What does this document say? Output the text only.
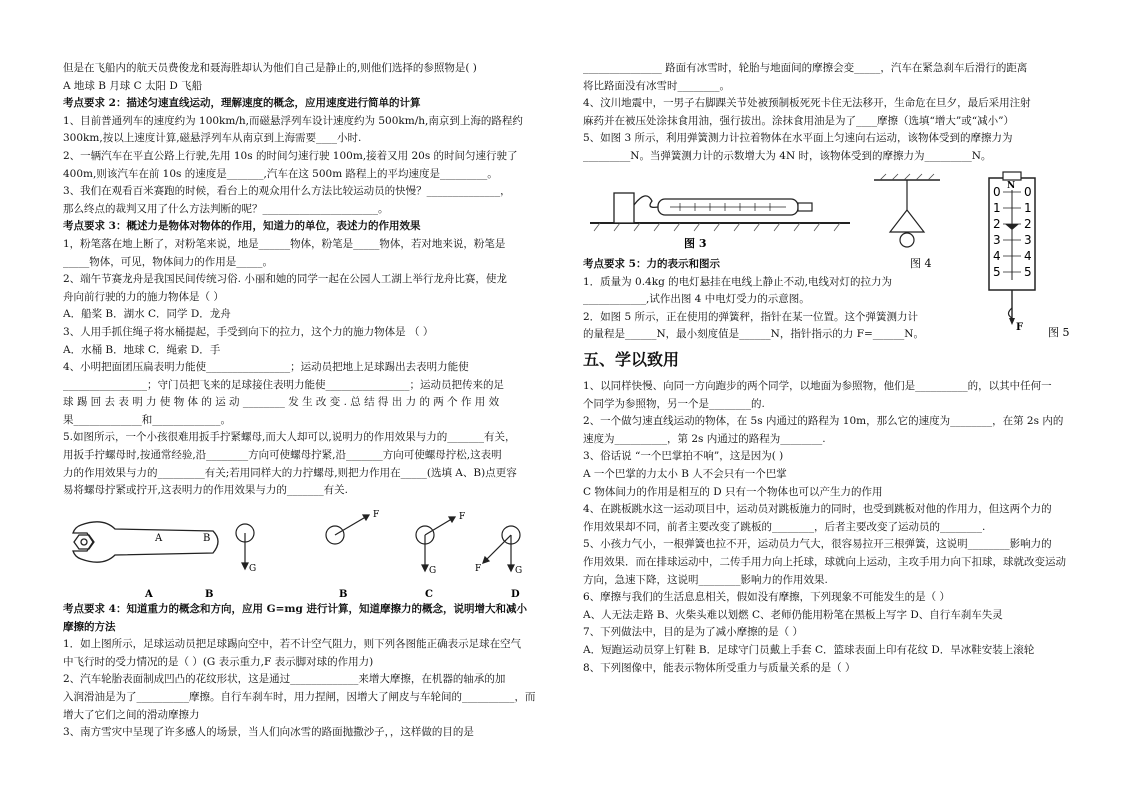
但是在飞船内的航天员费俊龙和聂海胜却认为他们自己是静止的,则他们选择的参照物是( )
A 地球 B 月球 C 太阳 D 飞船
考点要求 2：描述匀速直线运动，理解速度的概念，应用速度进行简单的计算
1、目前普通列车的速度约为 100km/h,而磁悬浮列车设计速度约为 500km/h,南京到上海的路程约
300km,按以上速度计算,磁悬浮列车从南京到上海需要____小时.
2、一辆汽车在平直公路上行驶,先用 10s 的时间匀速行驶 100m,接着又用 20s 的时间匀速行驶了
400m,则该汽车在前 10s 的速度是_______,汽车在这 500m 路程上的平均速度是_________。
3、我们在观看百米赛跑的时候，看台上的观众用什么方法比较运动员的快慢？______________，
那么终点的裁判又用了什么方法判断的呢？______________________。
考点要求 3：概述力是物体对物体的作用，知道力的单位，表述力的作用效果
1，粉笔落在地上断了，对粉笔来说，地是______物体，粉笔是_____物体，若对地来说，粉笔是
_____物体，可见，物体间力的作用是_____。
2、端午节赛龙舟是我国民间传统习俗. 小丽和她的同学一起在公园人工湖上举行龙舟比赛，使龙
舟向前行驶的力的施力物体是（ ）
A．船桨 B．湖水 C．同学 D．龙舟
3、人用手抓住绳子将水桶提起，手受到向下的拉力，这个力的施力物体是 （ ）
A．水桶 B．地球 C．绳索 D．手
4、小明把面团压扁表明力能使________________；运动员把地上足球踢出去表明力能使
________________；守门员把飞来的足球接住表明力能使________________；运动员把传来的足
球 踢 回 去 表 明 力 使 物 体 的 运 动 ________ 发 生 改 变 . 总 结 得 出 力 的 两 个 作 用 效
果_____________和_____________。
5.如图所示，一个小孩很难用扳手拧紧螺母,而大人却可以,说明力的作用效果与力的_______有关，
用扳手拧螺母时,按通常经验,沿________方向可使螺母拧紧,沿_______方向可使螺母拧松,这表明
力的作用效果与力的_________有关;若用同样大的力拧螺母,则把力作用在_____(选填 A、B)点更容
易将螺母拧紧或拧开,这表明力的作用效果与力的_______有关.
A	B
G
F
G
F
F	G
A	B	B	C	D
考点要求 4：知道重力的概念和方向，应用 G=mg 进行计算，知道摩擦力的概念，说明增大和减小
摩擦的方法
1．如上图所示，足球运动员把足球踢向空中，若不计空气阻力，则下列各图能正确表示足球在空气
中飞行时的受力情况的是（ ）(G 表示重力,F 表示脚对球的作用力)
2、汽车轮胎表面制成凹凸的花纹形状，这是通过_____________来增大摩擦，在机器的轴承的加
入润滑油是为了__________摩擦。自行车刹车时，用力捏闸，因增大了闸皮与车轮间的__________，而
增大了它们之间的滑动摩擦力
3、南方雪灾中呈现了许多感人的场景，当人们向冰雪的路面抛撒沙子，，这样做的目的是
_______________ 路面有冰雪时，轮胎与地面间的摩擦会变_____，汽车在紧急刹车后滑行的距离
将比路面没有冰雪时________。
4、汶川地震中，一男子右脚踝关节处被预制板死死卡住无法移开，生命危在旦夕，最后采用注射
麻药并在被压处涂抹食用油，强行拔出。涂抹食用油是为了____摩擦（选填“增大”或“减小”）
5、如图 3 所示，利用弹簧测力计拉着物体在水平面上匀速向右运动，该物体受到的摩擦力为
_________N。当弹簧测力计的示数增大为 4N 时，该物体受到的摩擦力为_________N。
图 3
图 4
0
1
2
3
4
5
0
1
2
3
4
5
N
F 图 5
考点要求 5：力的表示和图示
1．质量为 0.4kg 的电灯悬挂在电线上静止不动,电线对灯的拉力为
____________,试作出图 4 中电灯受力的示意图。
2．如图 5 所示，正在使用的弹簧秤，指针在某一位置。这个弹簧测力计
的量程是______N，最小刻度值是______N，指针指示的力 F=______N。
五、学以致用
1、以同样快慢、向同一方向跑步的两个同学，以地面为参照物，他们是__________的，以其中任何一
个同学为参照物，另一个是________的.
2、一个做匀速直线运动的物体，在 5s 内通过的路程为 10m，那么它的速度为________，在第 2s 内的
速度为__________，第 2s 内通过的路程为________.
3、俗话说 “一个巴掌拍不响”，这是因为( )
A 一个巴掌的力太小 B 人不会只有一个巴掌
C 物体间力的作用是相互的 D 只有一个物体也可以产生力的作用
4、在跳板跳水这一运动项目中，运动员对跳板施力的同时，也受到跳板对他的作用力，但这两个力的
作用效果却不同，前者主要改变了跳板的________，后者主要改变了运动员的________.
5、小孩力气小，一根弹簧也拉不开，运动员力气大，很容易拉开三根弹簧，这说明________影响力的
作用效果．而在排球运动中，二传手用力向上托球，球就向上运动，主攻手用力向下扣球，球就改变运动
方向，急速下降，这说明________影响力的作用效果.
6、摩擦与我们的生活息息相关，假如没有摩擦，下列现象不可能发生的是（ ）
A、人无法走路 B、火柴头难以划燃 C、老师仍能用粉笔在黑板上写字 D、自行车刹车失灵
7、下列做法中，目的是为了减小摩擦的是（ ）
A．短跑运动员穿上钉鞋 B．足球守门员戴上手套 C．篮球表面上印有花纹 D．旱冰鞋安装上滚轮
8、下列图像中，能表示物体所受重力与质量关系的是（ ）
